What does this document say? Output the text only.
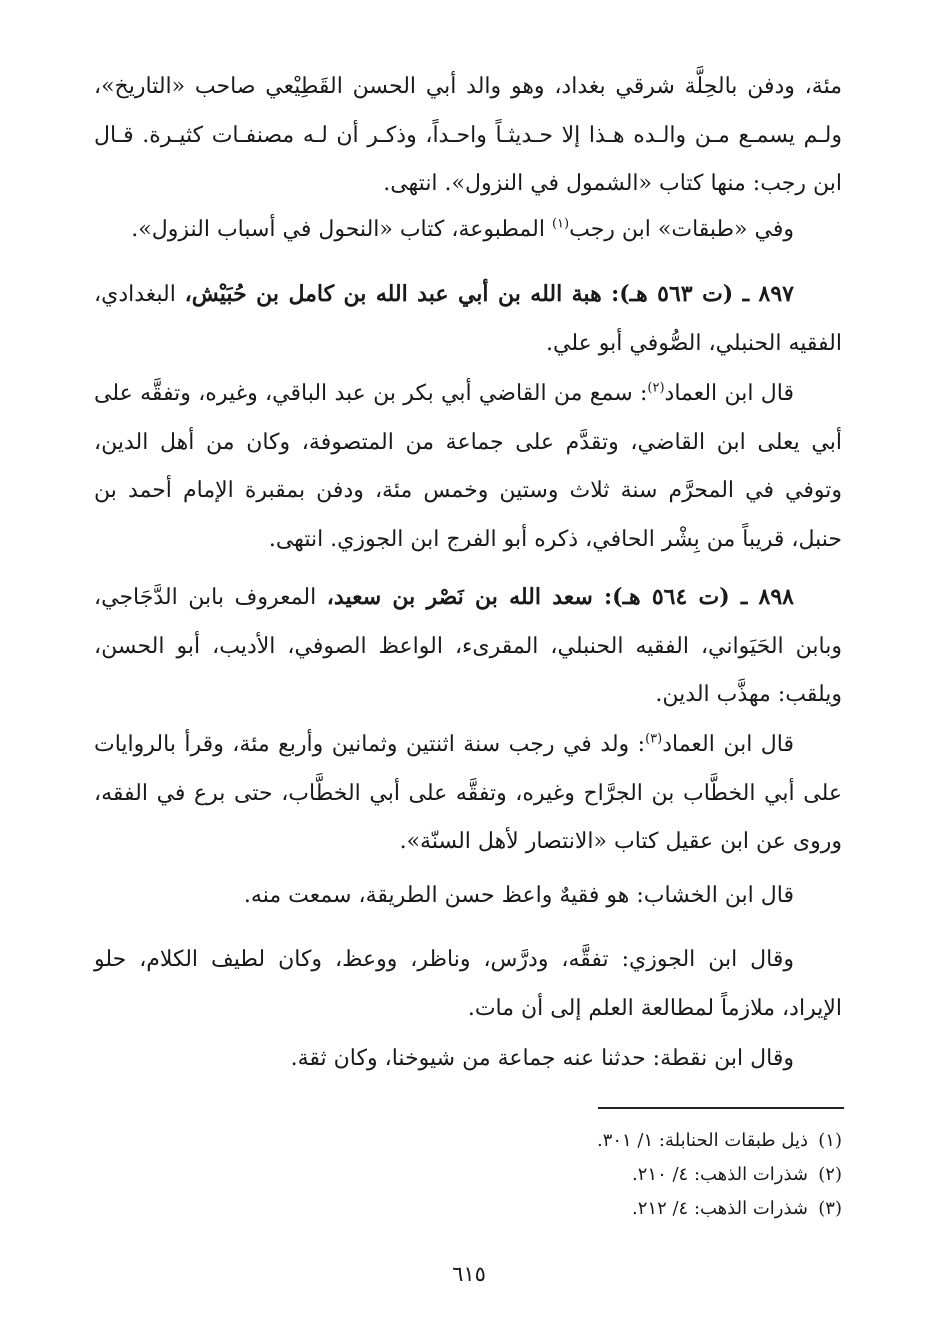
مئة، ودفن بالحِلَّة شرقي بغداد، وهو والد أبي الحسن القَطِيْعي صاحب «التاريخ»، ولـم يسمـع مـن والـده هـذا إلا حـديثـاً واحـداً، وذكـر أن لـه مصنفـات كثيـرة. قـال ابن رجب: منها كتاب «الشمول في النزول». انتهى.

وفي «طبقات» ابن رجب$^{(١)}$ المطبوعة، كتاب «النحول في أسباب النزول».

٨٩٧ ـ (ت ٥٦٣ هـ): هبة الله بن أبي عبد الله بن كامل بن حُبَيْش، البغدادي، الفقيه الحنبلي، الصُّوفي أبو علي.

قال ابن العماد$^{(٢)}$: سمع من القاضي أبي بكر بن عبد الباقي، وغيره، وتفقَّه على أبي يعلى ابن القاضي، وتقدَّم على جماعة من المتصوفة، وكان من أهل الدين، وتوفي في المحرَّم سنة ثلاث وستين وخمس مئة، ودفن بمقبرة الإمام أحمد بن حنبل، قريباً من بِشْر الحافي، ذكره أبو الفرج ابن الجوزي. انتهى.

٨٩٨ ـ (ت ٥٦٤ هـ): سعد الله بن نَصْر بن سعيد، المعروف بابن الدَّجَاجي، وبابن الحَيَواني، الفقيه الحنبلي، المقرىء، الواعظ الصوفي، الأديب، أبو الحسن، ويلقب: مهذَّب الدين.

قال ابن العماد$^{(٣)}$: ولد في رجب سنة اثنتين وثمانين وأربع مئة، وقرأ بالروايات على أبي الخطَّاب بن الجرَّاح وغيره، وتفقَّه على أبي الخطَّاب، حتى برع في الفقه، وروى عن ابن عقيل كتاب «الانتصار لأهل السنّة».

قال ابن الخشاب: هو فقيهٌ واعظ حسن الطريقة، سمعت منه.

وقال ابن الجوزي: تفقَّه، ودرَّس، وناظر، ووعظ، وكان لطيف الكلام، حلو الإيراد، ملازماً لمطالعة العلم إلى أن مات.

وقال ابن نقطة: حدثنا عنه جماعة من شيوخنا، وكان ثقة.

(١)ذيل طبقات الحنابلة: ١/ ٣٠١.
(٢)شذرات الذهب: ٤/ ٢١٠.
(٣)شذرات الذهب: ٤/ ٢١٢.
٦١٥
